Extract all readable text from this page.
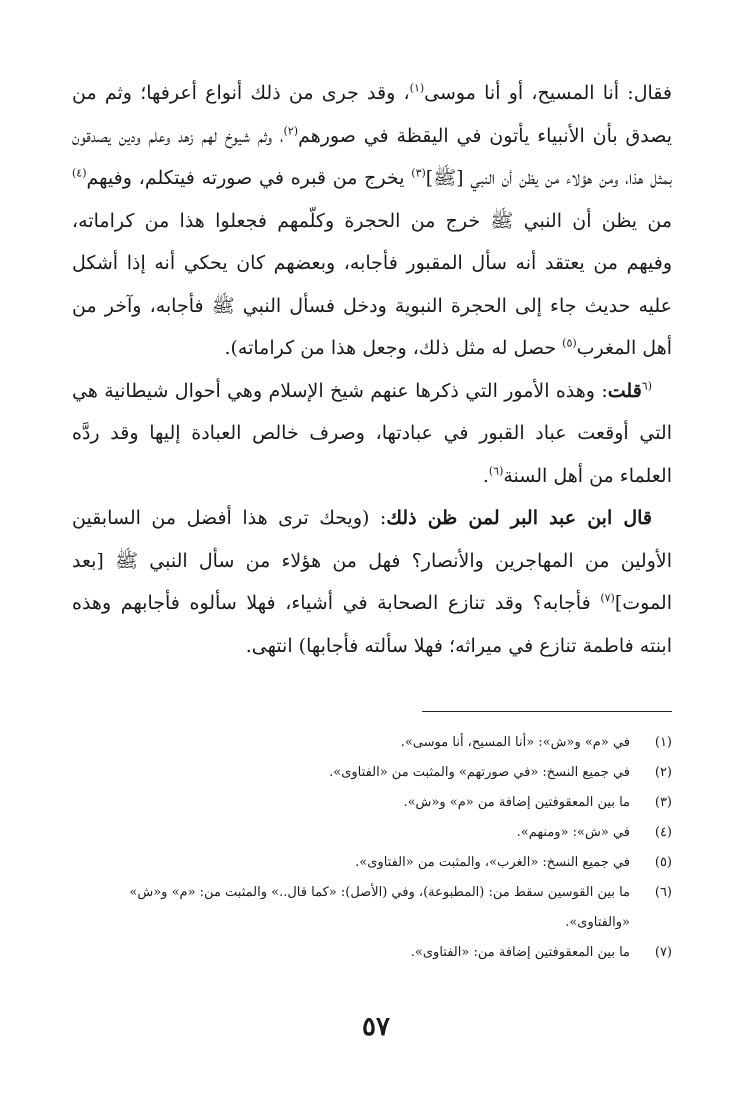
فقال: أنا المسيح، أو أنا موسى$^{(١)}$، وقد جرى من ذلك أنواع أعرفها؛ وثم من يصدق بأن الأنبياء يأتون في اليقظة في صورهم$^{(٢)}$، وثم شيوخ لهم زهد وعلم ودين يصدقون بمثل هذا، ومن هؤلاء من يظن أن النبي [ﷺ]$^{(٣)}$ يخرج من قبره في صورته فيتكلم، وفيهم$^{(٤)}$ من يظن أن النبي ﷺ خرج من الحجرة وكلّمهم فجعلوا هذا من كراماته، وفيهم من يعتقد أنه سأل المقبور فأجابه، وبعضهم كان يحكي أنه إذا أشكل عليه حديث جاء إلى الحجرة النبوية ودخل فسأل النبي ﷺ فأجابه، وآخر من أهل المغرب$^{(٥)}$ حصل له مثل ذلك، وجعل هذا من كراماته).

$^{(٦}$قلت: وهذه الأمور التي ذكرها عنهم شيخ الإسلام وهي أحوال شيطانية هي التي أوقعت عباد القبور في عبادتها، وصرف خالص العبادة إليها وقد ردَّه العلماء من أهل السنة$^{(٦)}$.

قال ابن عبد البر لمن ظن ذلك: (ويحك ترى هذا أفضل من السابقين الأولين من المهاجرين والأنصار؟ فهل من هؤلاء من سأل النبي ﷺ [بعد الموت]$^{(٧)}$ فأجابه؟ وقد تنازع الصحابة في أشياء، فهلا سألوه فأجابهم وهذه ابنته فاطمة تنازع في ميراثه؛ فهلا سألته فأجابها) انتهى.

(١)
في «م» و«ش»: «أنا المسيح، أنا موسى».
(٢)
في جميع النسخ: «في صورتهم» والمثبت من «الفتاوى».
(٣)
ما بين المعقوفتين إضافة من «م» و«ش».
(٤)
في «ش»: «ومنهم».
(٥)
في جميع النسخ: «الغرب»، والمثبت من «الفتاوى».
(٦)
ما بين القوسين سقط من: (المطبوعة)، وفي (الأصل): «كما قال..» والمثبت من: «م» و«ش» «والفتاوى».
(٧)
ما بين المعقوفتين إضافة من: «الفتاوى».
٥٧
